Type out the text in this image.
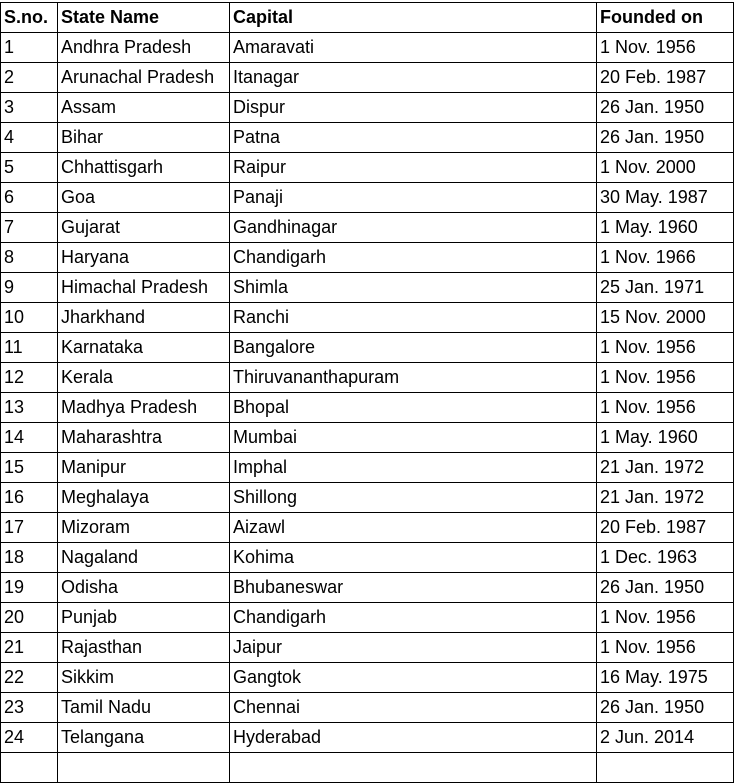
S.no.	State Name	Capital	Founded on
1	Andhra Pradesh	Amaravati	1 Nov. 1956
2	Arunachal Pradesh	Itanagar	20 Feb. 1987
3	Assam	Dispur	26 Jan. 1950
4	Bihar	Patna	26 Jan. 1950
5	Chhattisgarh	Raipur	1 Nov. 2000
6	Goa	Panaji	30 May. 1987
7	Gujarat	Gandhinagar	1 May. 1960
8	Haryana	Chandigarh	1 Nov. 1966
9	Himachal Pradesh	Shimla	25 Jan. 1971
10	Jharkhand	Ranchi	15 Nov. 2000
11	Karnataka	Bangalore	1 Nov. 1956
12	Kerala	Thiruvananthapuram	1 Nov. 1956
13	Madhya Pradesh	Bhopal	1 Nov. 1956
14	Maharashtra	Mumbai	1 May. 1960
15	Manipur	Imphal	21 Jan. 1972
16	Meghalaya	Shillong	21 Jan. 1972
17	Mizoram	Aizawl	20 Feb. 1987
18	Nagaland	Kohima	1 Dec. 1963
19	Odisha	Bhubaneswar	26 Jan. 1950
20	Punjab	Chandigarh	1 Nov. 1956
21	Rajasthan	Jaipur	1 Nov. 1956
22	Sikkim	Gangtok	16 May. 1975
23	Tamil Nadu	Chennai	26 Jan. 1950
24	Telangana	Hyderabad	2 Jun. 2014
